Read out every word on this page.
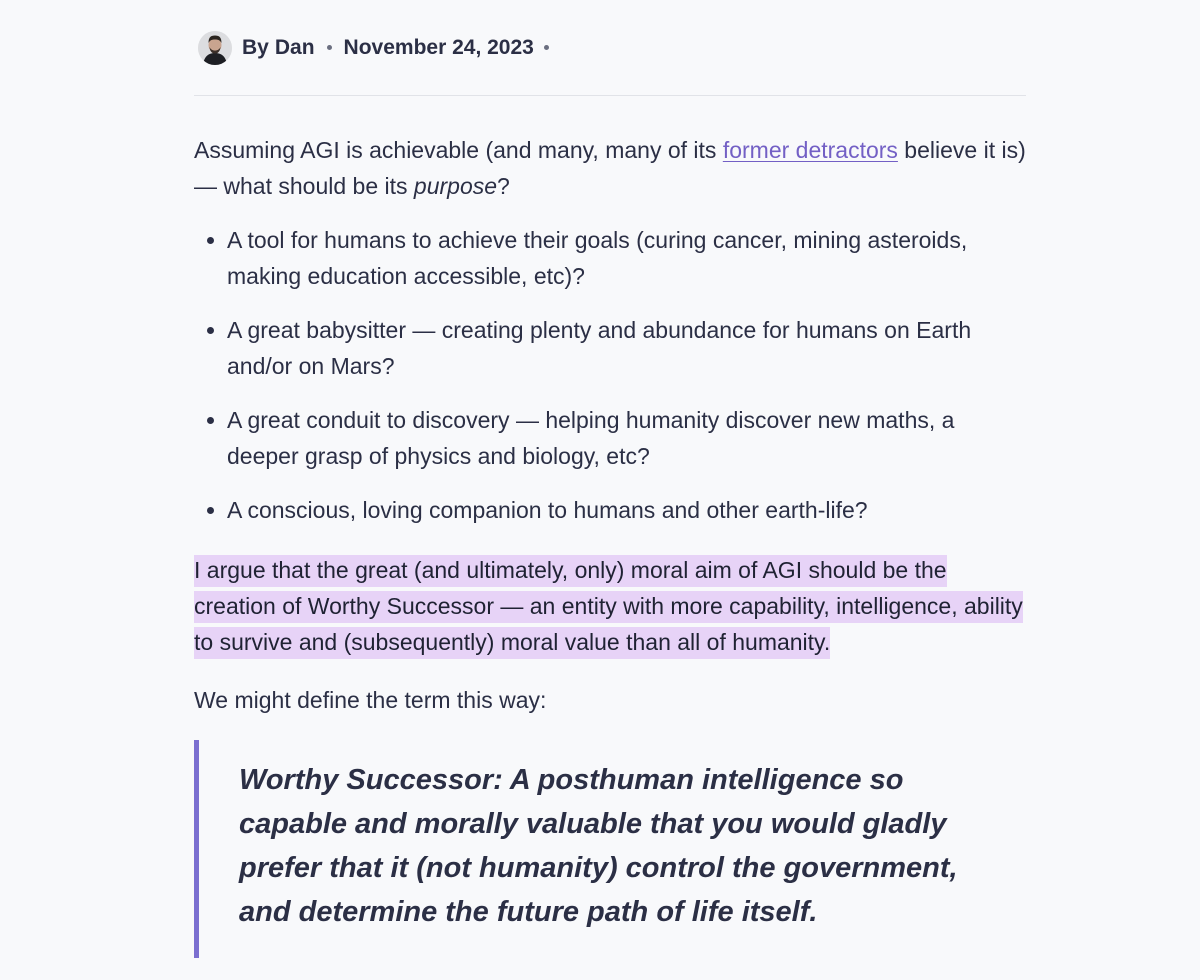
By Dan November 24, 2023

Assuming AGI is achievable (and many, many of its former detractors believe it is) — what should be its purpose?

A tool for humans to achieve their goals (curing cancer, mining asteroids, making education accessible, etc)?
A great babysitter — creating plenty and abundance for humans on Earth and/or on Mars?
A great conduit to discovery — helping humanity discover new maths, a deeper grasp of physics and biology, etc?
A conscious, loving companion to humans and other earth-life?

I argue that the great (and ultimately, only) moral aim of AGI should be the creation of Worthy Successor — an entity with more capability, intelligence, ability to survive and (subsequently) moral value than all of humanity.

We might define the term this way:

Worthy Successor: A posthuman intelligence so capable and morally valuable that you would gladly prefer that it (not humanity) control the government, and determine the future path of life itself.
